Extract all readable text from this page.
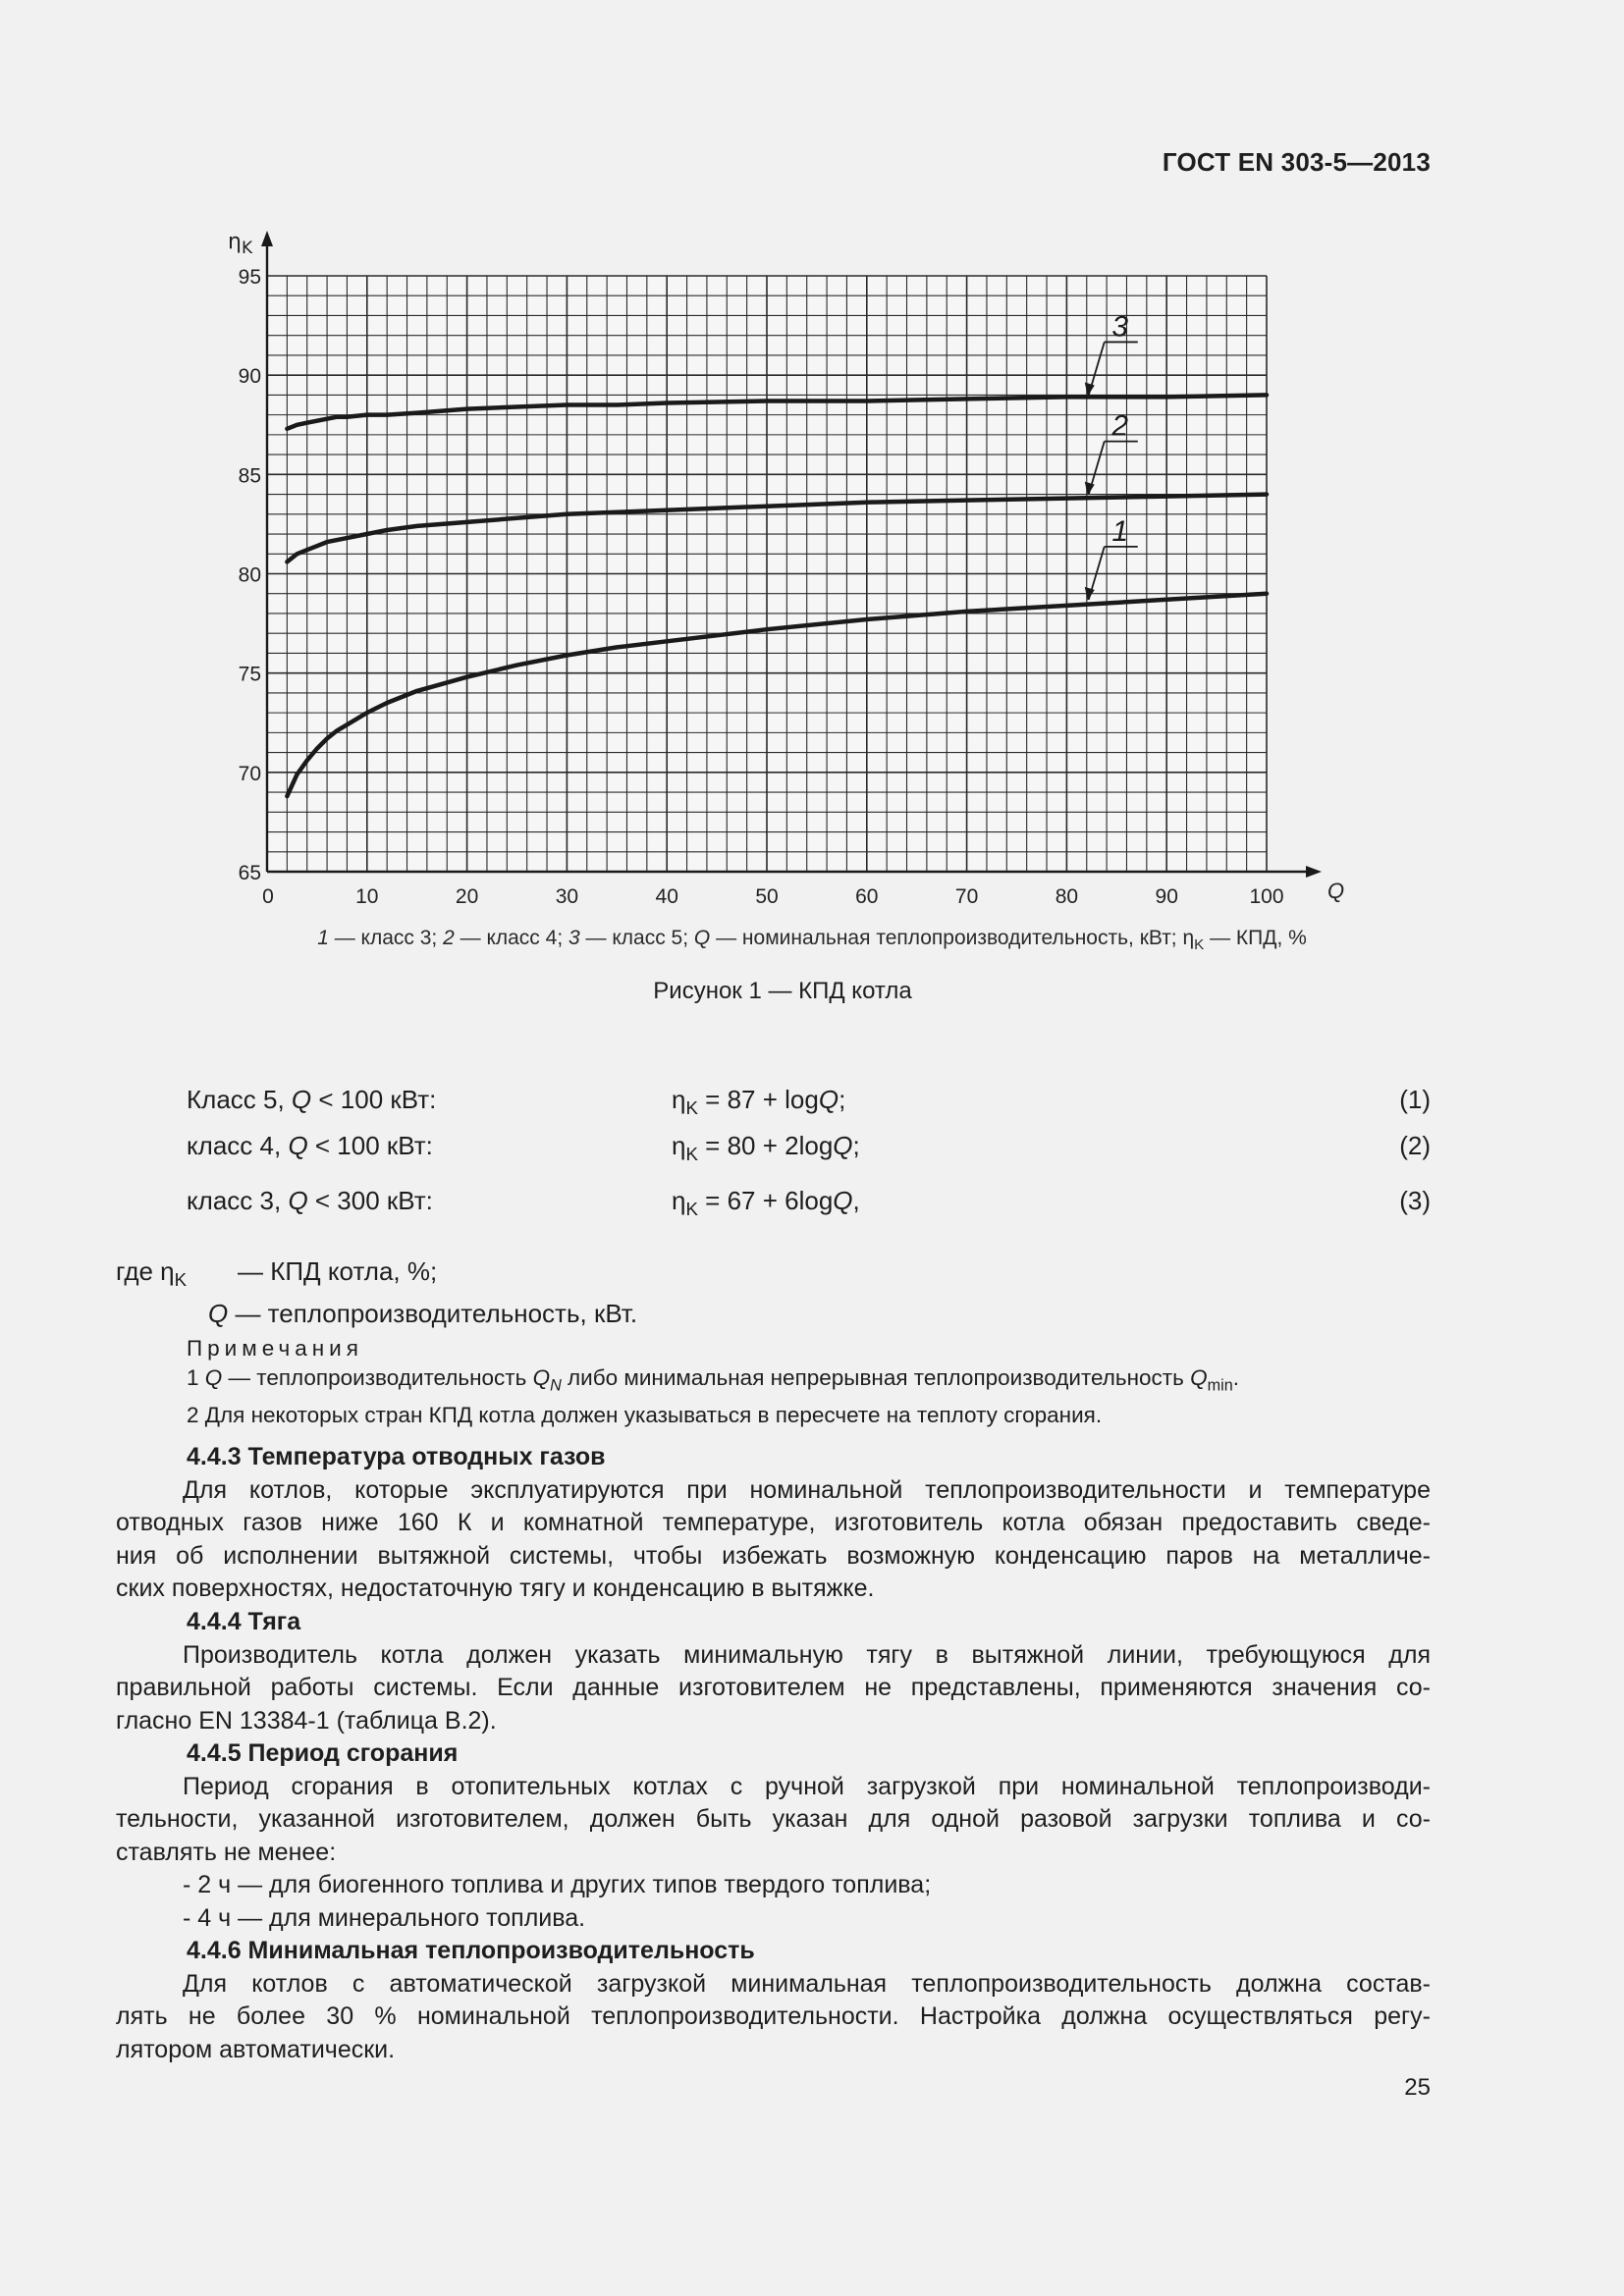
ГОСТ EN 303-5—2013
0	10	20	30	40	50	60	70	80	90	100
65
70
75
80
85
90
95
Q
$\eta_K$
1
2
3
1 — класс 3; 2 — класс 4; 3 — класс 5; Q — номинальная теплопроизводительность, кВт; $\eta_K$ — КПД, %
Рисунок 1 — КПД котла
Класс 5, Q < 100 кВт:	$\eta_K = 87 + \log Q$;	(1)
класс 4, Q < 100 кВт:	$\eta_K = 80 + 2\log Q$;	(2)
класс 3, Q < 300 кВт:	$\eta_K = 67 + 6\log Q$,	(3)
где $\eta_K$ — КПД котла, %;
Q — теплопроизводительность, кВт.
Примечания
1 Q — теплопроизводительность $Q_N$ либо минимальная непрерывная теплопроизводительность $Q_{min}$.
2 Для некоторых стран КПД котла должен указываться в пересчете на теплоту сгорания.
4.4.3 Температура отводных газов
Для котлов, которые эксплуатируются при номинальной теплопроизводительности и температуре
отводных газов ниже 160 К и комнатной температуре, изготовитель котла обязан предоставить сведе-
ния об исполнении вытяжной системы, чтобы избежать возможную конденсацию паров на металличе-
ских поверхностях, недостаточную тягу и конденсацию в вытяжке.
4.4.4 Тяга
Производитель котла должен указать минимальную тягу в вытяжной линии, требующуюся для
правильной работы системы. Если данные изготовителем не представлены, применяются значения со-
гласно EN 13384-1 (таблица В.2).
4.4.5 Период сгорания
Период сгорания в отопительных котлах с ручной загрузкой при номинальной теплопроизводи-
тельности, указанной изготовителем, должен быть указан для одной разовой загрузки топлива и со-
ставлять не менее:
- 2 ч — для биогенного топлива и других типов твердого топлива;
- 4 ч — для минерального топлива.
4.4.6 Минимальная теплопроизводительность
Для котлов с автоматической загрузкой минимальная теплопроизводительность должна состав-
лять не более 30 % номинальной теплопроизводительности. Настройка должна осуществляться регу-
лятором автоматически.
25
